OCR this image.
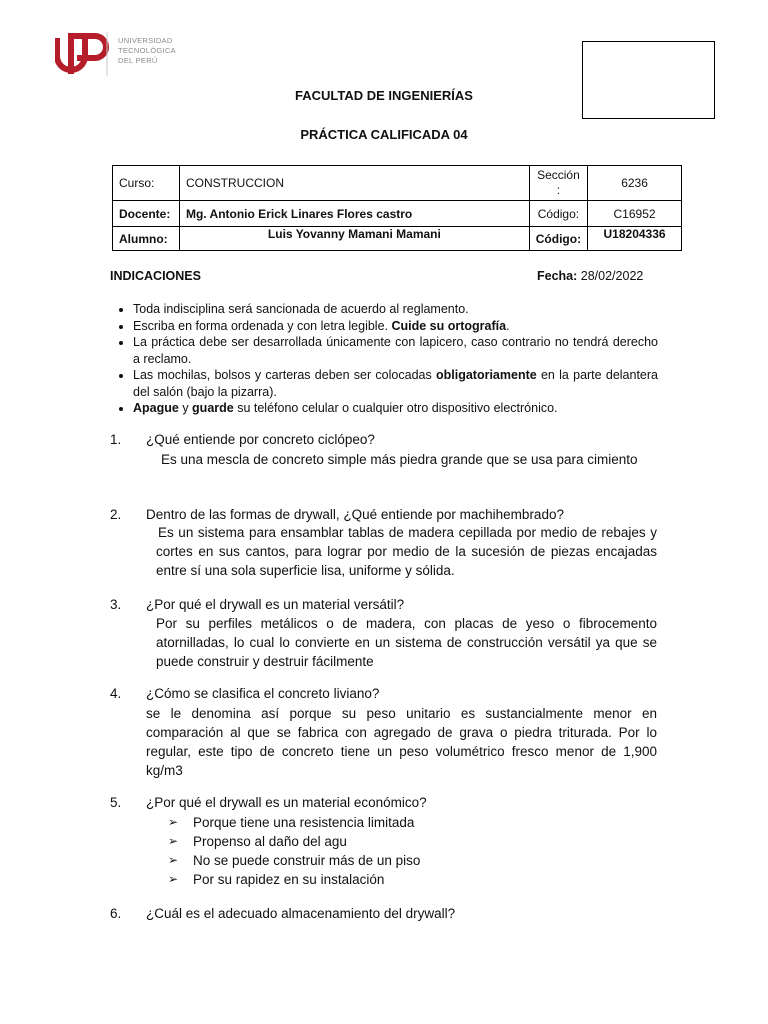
UNIVERSIDAD
TECNOLÓGICA
DEL PERÚ
FACULTAD DE INGENIERÍAS
PRÁCTICA CALIFICADA 04
Curso:	CONSTRUCCION	Sección :	6236
Docente:	Mg. Antonio Erick Linares Flores castro	Código:	C16952
Alumno:	Luis Yovanny Mamani Mamani	Código:	U18204336
INDICACIONES	Fecha: 28/02/2022
• Toda indisciplina será sancionada de acuerdo al reglamento.
• Escriba en forma ordenada y con letra legible. Cuide su ortografía.
• La práctica debe ser desarrollada únicamente con lapicero, caso contrario no tendrá derecho a reclamo.
• Las mochilas, bolsos y carteras deben ser colocadas obligatoriamente en la parte delantera del salón (bajo la pizarra).
• Apague y guarde su teléfono celular o cualquier otro dispositivo electrónico.
1. ¿Qué entiende por concreto ciclópeo?
Es una mescla de concreto simple más piedra grande que se usa para cimiento
2. Dentro de las formas de drywall, ¿Qué entiende por machihembrado?
Es un sistema para ensamblar tablas de madera cepillada por medio de rebajes y cortes en sus cantos, para lograr por medio de la sucesión de piezas encajadas entre sí una sola superficie lisa, uniforme y sólida.
3. ¿Por qué el drywall es un material versátil?
Por su perfiles metálicos o de madera, con placas de yeso o fibrocemento atornilladas, lo cual lo convierte en un sistema de construcción versátil ya que se puede construir y destruir fácilmente
4. ¿Cómo se clasifica el concreto liviano?
se le denomina así porque su peso unitario es sustancialmente menor en comparación al que se fabrica con agregado de grava o piedra triturada. Por lo regular, este tipo de concreto tiene un peso volumétrico fresco menor de 1,900 kg/m3
5. ¿Por qué el drywall es un material económico?
➢ Porque tiene una resistencia limitada
➢ Propenso al daño del agu
➢ No se puede construir más de un piso
➢ Por su rapidez en su instalación
6. ¿Cuál es el adecuado almacenamiento del drywall?
